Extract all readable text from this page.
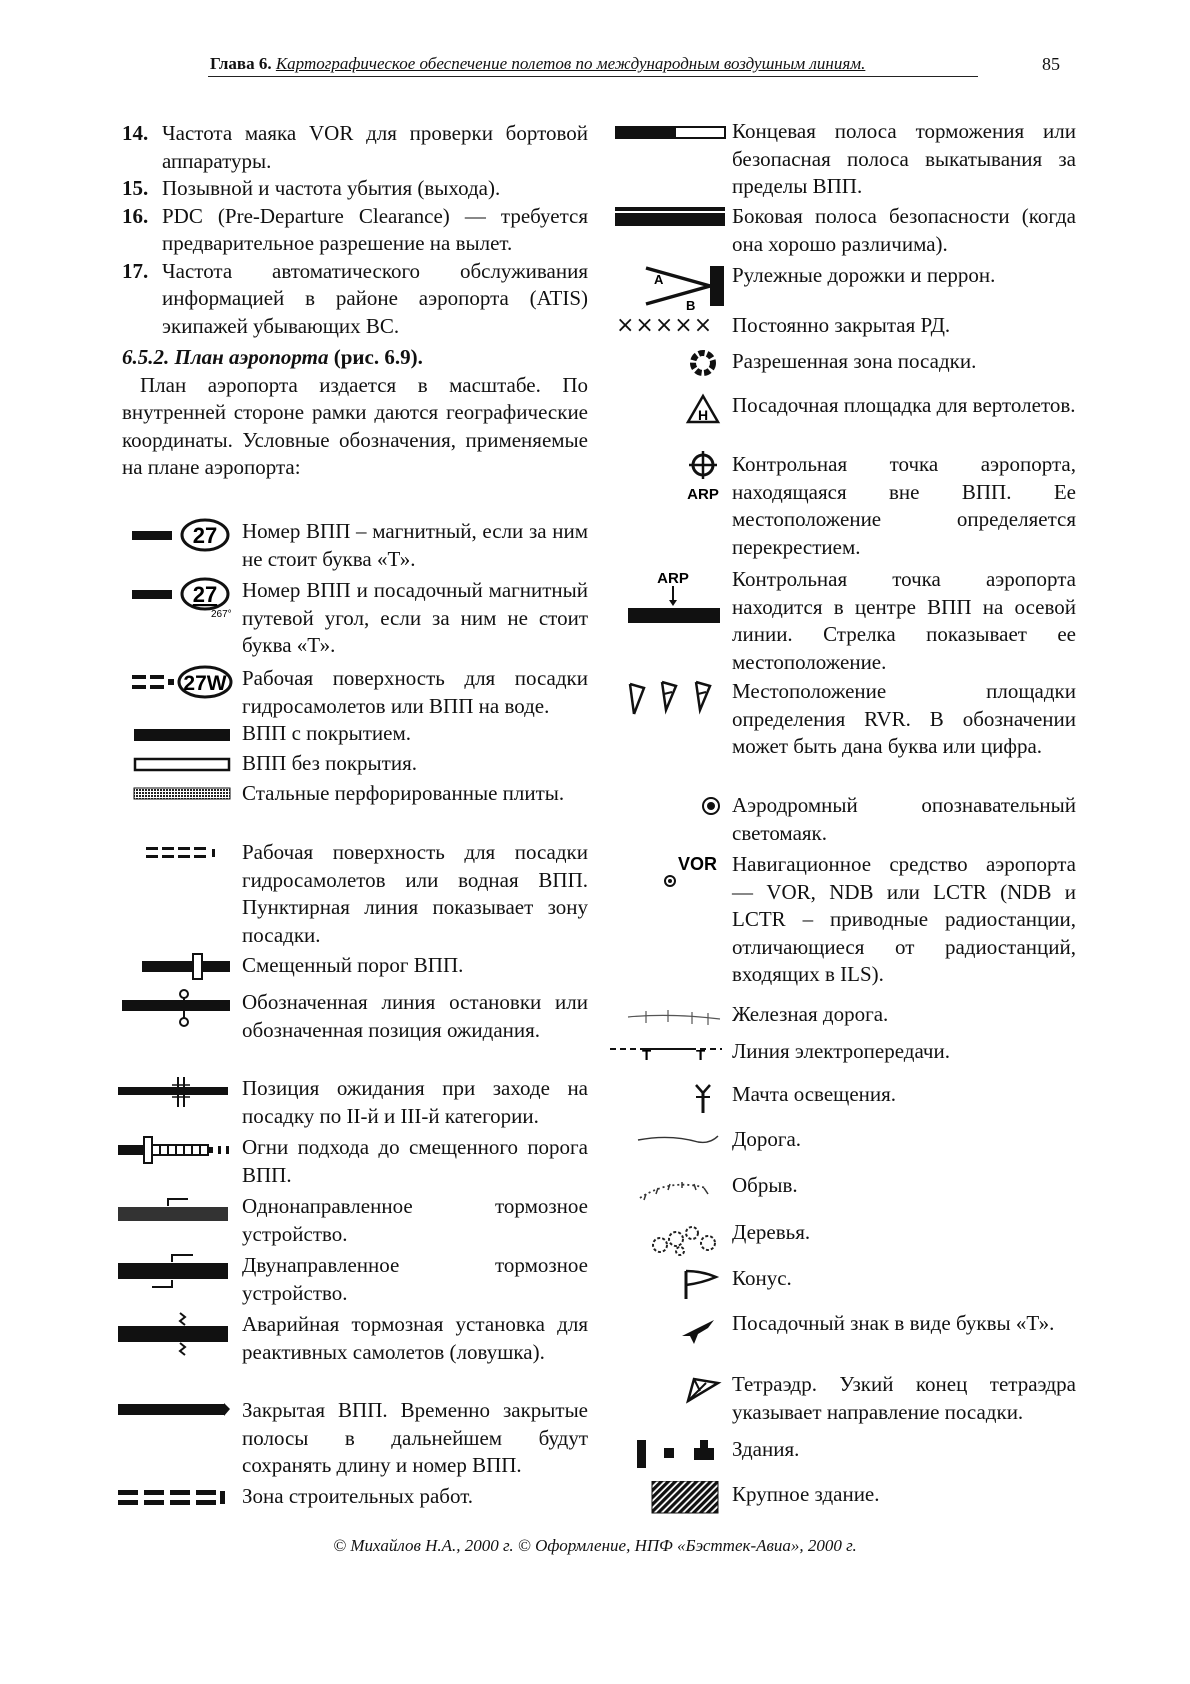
Глава 6. Картографическое обеспечение полетов по международным воздушным линиям.	85
14. Частота маяка VOR для проверки бортовой аппаратуры.
15. Позывной и частота убытия (выхода).
16. PDC (Pre-Departure Clearance) — требуется предварительное разрешение на вылет.
17. Частота автоматического обслуживания информацией в районе аэропорта (ATIS) экипажей убывающих ВС.
6.5.2. План аэропорта (рис. 6.9).
План аэропорта издается в масштабе. По внутренней стороне рамки даются географические координаты. Условные обозначения, применяемые на плане аэропорта:
27 Номер ВПП – магнитный, если за ним не стоит буква «Т».
27
267°
Номер ВПП и посадочный магнитный путевой угол, если за ним не стоит буква «Т».
27W Рабочая поверхность для посадки гидросамолетов или ВПП на воде.
ВПП с покрытием.
ВПП без покрытия.
Стальные перфорированные плиты.
Рабочая поверхность для посадки гидросамолетов или водная ВПП. Пунктирная линия показывает зону посадки.
Смещенный порог ВПП.
Обозначенная линия остановки или обозначенная позиция ожидания.
Позиция ожидания при заходе на посадку по II-й и III-й категории.
Огни подхода до смещенного порога ВПП.
Однонаправленное тормозное устройство.
Двунаправленное тормозное устройство.
Аварийная тормозная установка для реактивных самолетов (ловушка).
Закрытая ВПП. Временно закрытые полосы в дальнейшем будут сохранять длину и номер ВПП.
Зона строительных работ.
Концевая полоса торможения или безопасная полоса выкатывания за пределы ВПП.
Боковая полоса безопасности (когда она хорошо различима).
A
B
Рулежные дорожки и перрон.
××××× Постоянно закрытая РД.
Разрешенная зона посадки.
H Посадочная площадка для вертолетов.
ARP
Контрольная точка аэропорта, находящаяся вне ВПП. Ее местоположение определяется перекрестием.
ARP Контрольная точка аэропорта находится в центре ВПП на осевой линии. Стрелка показывает ее местоположение.
Местоположение площадки определения RVR. В обозначении может быть дана буква или цифра.
Аэродромный опознавательный светомаяк.
VOR Навигационное средство аэропорта — VOR, NDB или LCTR (NDB и LCTR – приводные радиостанции, отличающиеся от радиостанций, входящих в ILS).
Железная дорога.
T	T Линия электропередачи.
Мачта освещения.
Дорога.
Обрыв.
Деревья.
Конус.
Посадочный знак в виде буквы «Т».
Тетраэдр. Узкий конец тетраэдра указывает направление посадки.
Здания.
Крупное здание.
© Михайлов Н.А., 2000 г. © Оформление, НПФ «Бэсттек-Авиа», 2000 г.
